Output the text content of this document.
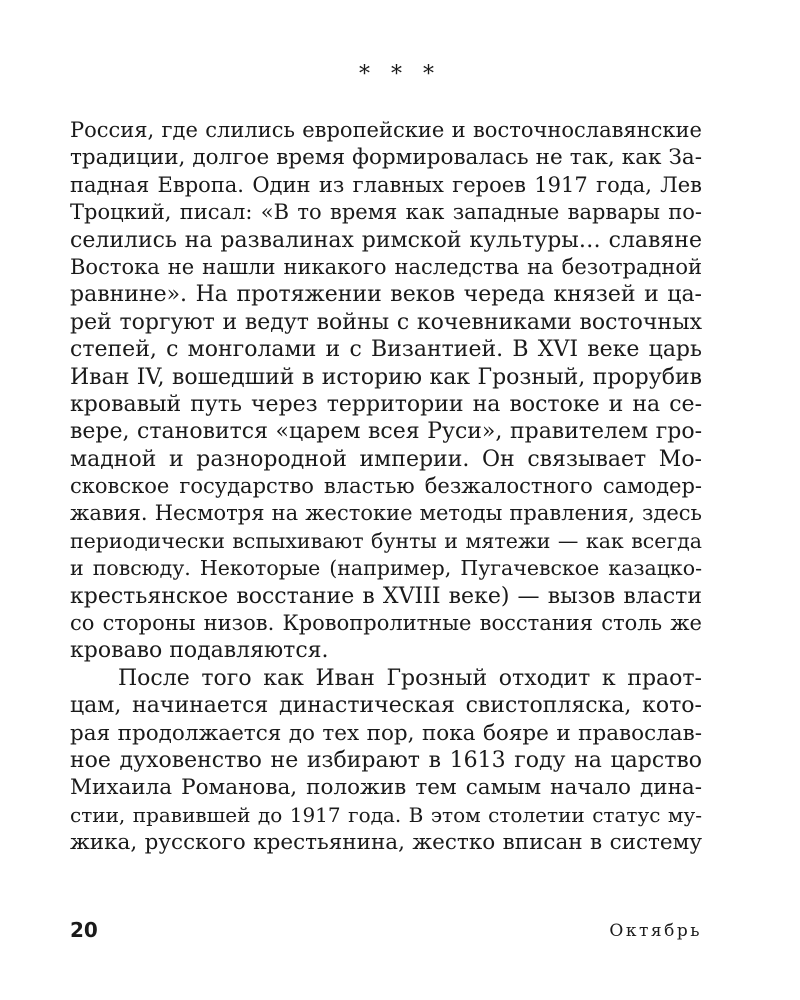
* * *
Россия, где слились европейские и восточнославянские
традиции, долгое время формировалась не так, как За-
падная Европа. Один из главных героев 1917 года, Лев
Троцкий, писал: «В то время как западные варвары по-
селились на развалинах римской культуры… славяне
Востока не нашли никакого наследства на безотрадной
равнине». На протяжении веков череда князей и ца-
рей торгуют и ведут войны с кочевниками восточных
степей, с монголами и с Византией. В XVI веке царь
Иван IV, вошедший в историю как Грозный, прорубив
кровавый путь через территории на востоке и на се-
вере, становится «царем всея Руси», правителем гро-
мадной и разнородной империи. Он связывает Мо-
сковское государство властью безжалостного самодер-
жавия. Несмотря на жестокие методы правления, здесь
периодически вспыхивают бунты и мятежи — как всегда
и повсюду. Некоторые (например, Пугачевское казацко-
крестьянское восстание в XVIII веке) — вызов власти
со стороны низов. Кровопролитные восстания столь же
кроваво подавляются.
После того как Иван Грозный отходит к праот-
цам, начинается династическая свистопляска, кото-
рая продолжается до тех пор, пока бояре и православ-
ное духовенство не избирают в 1613 году на царство
Михаила Романова, положив тем самым начало дина-
стии, правившей до 1917 года. В этом столетии статус му-
жика, русского крестьянина, жестко вписан в систему
20	Октябрь
